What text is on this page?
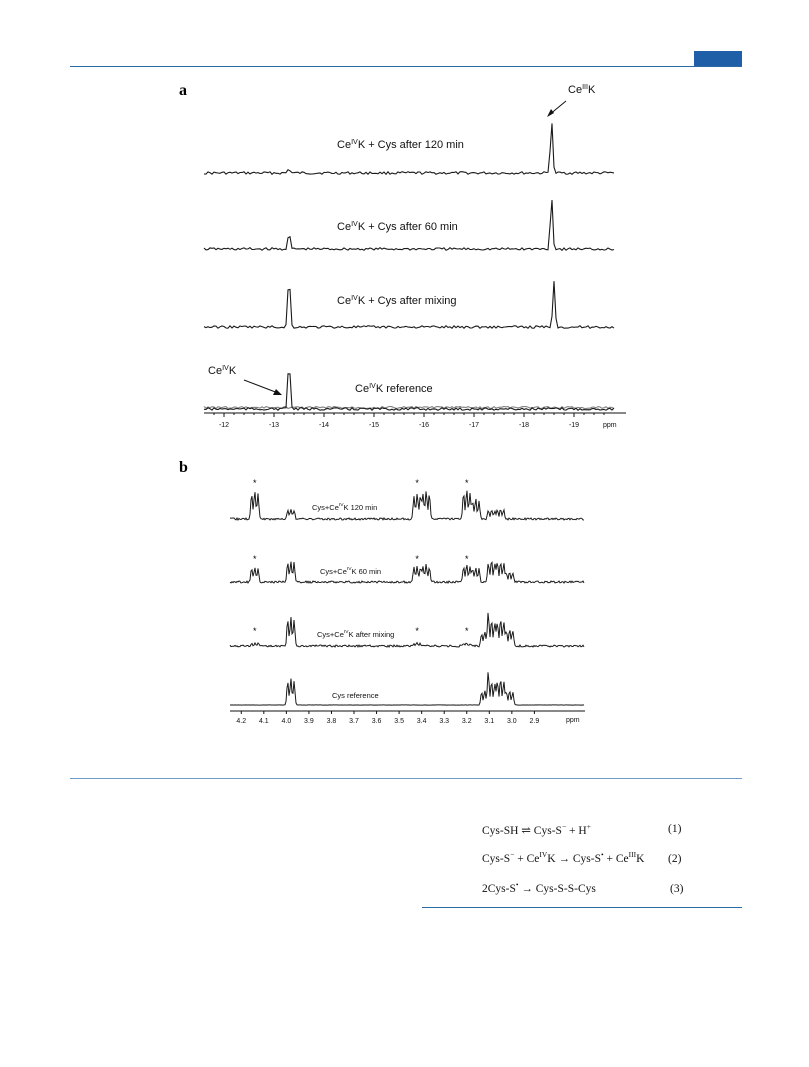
a
$Ce^{IV}K$ + Cys after 120 min
$Ce^{IV}K$ + Cys after 60 min
$Ce^{IV}K$ + Cys after mixing
$Ce^{IV}K$ reference
$Ce^{III}K$
$Ce^{IV}K$
-12	-13	-14	-15	-16	-17	-18	-19	ppm
b
$Cys+Ce^{IV}K$ 120 min
*	*	*
$Cys+Ce^{IV}K$ 60 min
*	*	*
$Cys+Ce^{IV}K$ after mixing
*	*	*
Cys reference
4.2 4.1 4.0 3.9 3.8 3.7 3.6 3.5 3.4 3.3 3.2 3.1 3.0 2.9	ppm
Cys-SH ⇌ Cys-S− + H+	(1)
$Cys-S^- + Ce^{IV}K \to Cys-S^• + Ce^{III}K$ (2)
2Cys-S• → Cys-S-S-Cys	(3)
